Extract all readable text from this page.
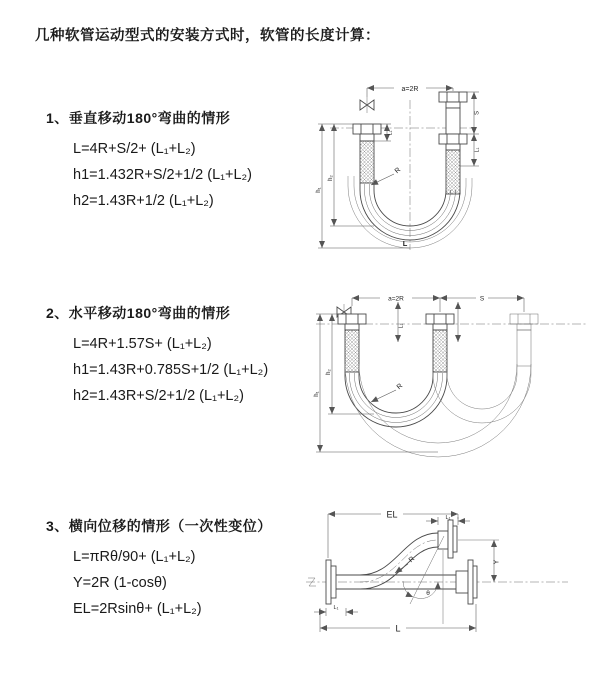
几种软管运动型式的安装方式时，软管的长度计算：
1、垂直移动180°弯曲的情形
L=4R+S/2+ (L₁+L₂)
h1=1.432R+S/2+1/2 (L₁+L₂)
h2=1.43R+1/2 (L₁+L₂)
2、水平移动180°弯曲的情形
L=4R+1.57S+ (L₁+L₂)
h1=1.43R+0.785S+1/2 (L₁+L₂)
h2=1.43R+S/2+1/2 (L₁+L₂)
3、横向位移的情形（一次性变位）
L=πRθ/90+ (L₁+L₂)
Y=2R (1-cosθ)
EL=2Rsinθ+ (L₁+L₂)
a=2R
h₁
h₂
L₁
S
L₁
R
L
a=2R	S
h₁
h₂
L₁
R
EL	L₁
Y
R
θ
L
L₁
